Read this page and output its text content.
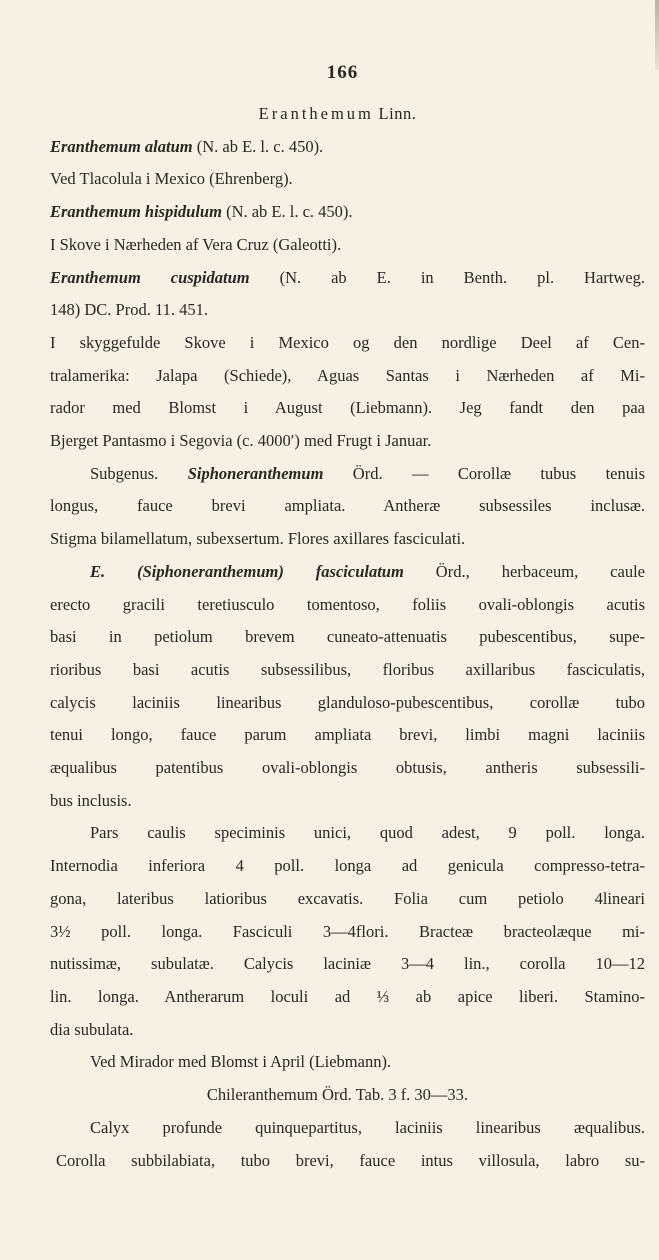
166
Eranthemum Linn.
Eranthemum alatum (N. ab E. l. c. 450).
Ved Tlacolula i Mexico (Ehrenberg).
Eranthemum hispidulum (N. ab E. l. c. 450).
I Skove i Nærheden af Vera Cruz (Galeotti).
Eranthemum cuspidatum (N. ab E. in Benth. pl. Hartweg.
148) DC. Prod. 11. 451.
I skyggefulde Skove i Mexico og den nordlige Deel af Cen-
tralamerika: Jalapa (Schiede), Aguas Santas i Nærheden af Mi-
rador med Blomst i August (Liebmann). Jeg fandt den paa
Bjerget Pantasmo i Segovia (c. 4000′) med Frugt i Januar.
Subgenus. Siphoneranthemum Örd. — Corollæ tubus tenuis
longus, fauce brevi ampliata. Antheræ subsessiles inclusæ.
Stigma bilamellatum, subexsertum. Flores axillares fasciculati.
E. (Siphoneranthemum) fasciculatum Örd., herbaceum, caule
erecto gracili teretiusculo tomentoso, foliis ovali-oblongis acutis
basi in petiolum brevem cuneato-attenuatis pubescentibus, supe-
rioribus basi acutis subsessilibus, floribus axillaribus fasciculatis,
calycis laciniis linearibus glanduloso-pubescentibus, corollæ tubo
tenui longo, fauce parum ampliata brevi, limbi magni laciniis
æqualibus patentibus ovali-oblongis obtusis, antheris subsessili-
bus inclusis.
Pars caulis speciminis unici, quod adest, 9 poll. longa.
Internodia inferiora 4 poll. longa ad genicula compresso-tetra-
gona, lateribus latioribus excavatis. Folia cum petiolo 4lineari
3½ poll. longa. Fasciculi 3—4flori. Bracteæ bracteolæque mi-
nutissimæ, subulatæ. Calycis laciniæ 3—4 lin., corolla 10—12
lin. longa. Antherarum loculi ad ⅓ ab apice liberi. Stamino-
dia subulata.
Ved Mirador med Blomst i April (Liebmann).
Chileranthemum Örd. Tab. 3 f. 30—33.
Calyx profunde quinquepartitus, laciniis linearibus æqualibus.
Corolla subbilabiata, tubo brevi, fauce intus villosula, labro su-
